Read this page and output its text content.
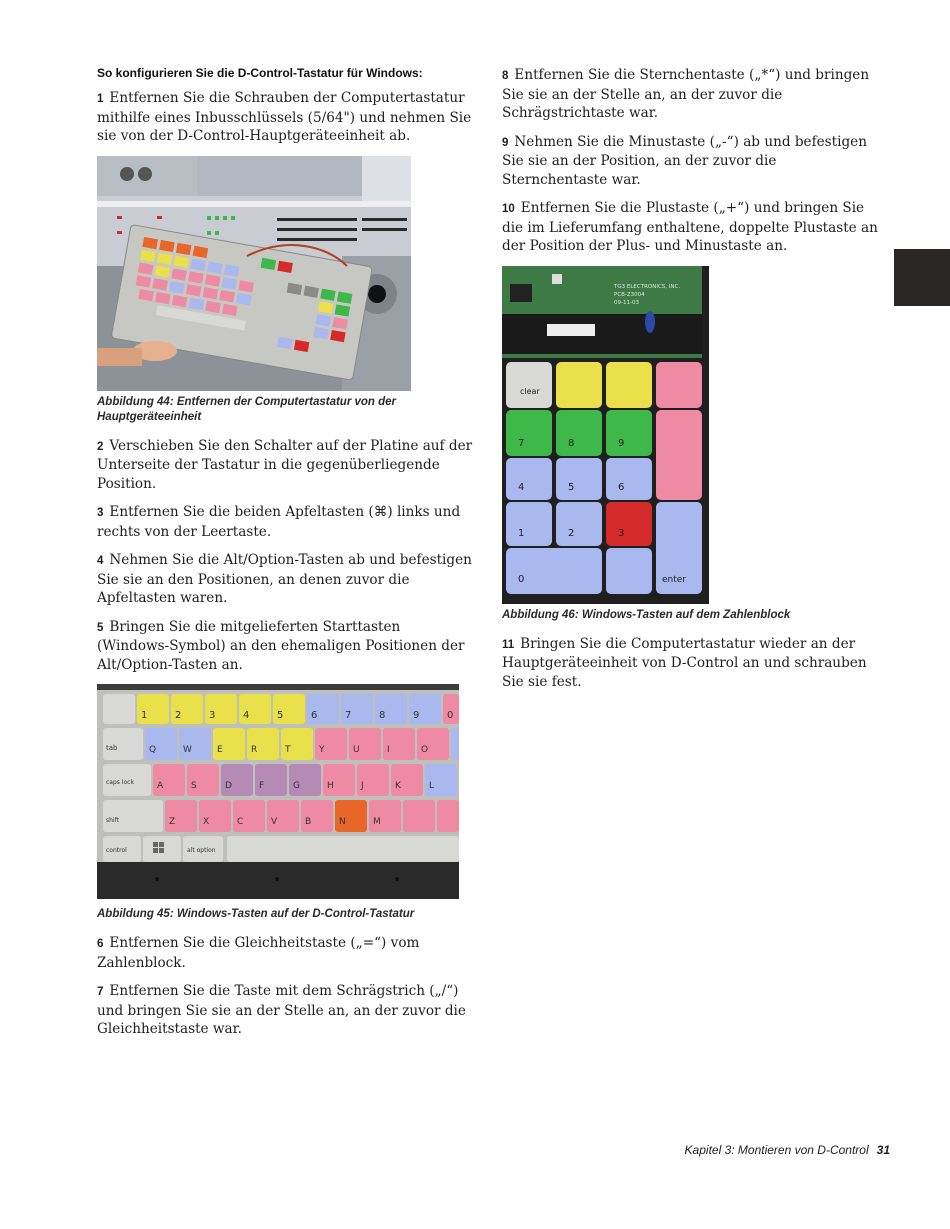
So konfigurieren Sie die D-Control-Tastatur für Windows:

1 Entfernen Sie die Schrauben der Computertastatur mithilfe eines Inbusschlüssels (5/64") und nehmen Sie sie von der D-Control-Hauptgeräteeinheit ab.

Abbildung 44: Entfernen der Computertastatur von der Hauptgeräteeinheit

2 Verschieben Sie den Schalter auf der Platine auf der Unterseite der Tastatur in die gegenüberliegende Position.

3 Entfernen Sie die beiden Apfeltasten (⌘) links und rechts von der Leertaste.

4 Nehmen Sie die Alt/Option-Tasten ab und befestigen Sie sie an den Positionen, an denen zuvor die Apfeltasten waren.

5 Bringen Sie die mitgelieferten Starttasten (Windows-Symbol) an den ehemaligen Positionen der Alt/Option-Tasten an.

1	2	3	4	5	6	7	8	9	0
tab	Q	W	E	R	T	Y	U	I	O
caps lock	A	S	D	F	G	H	J	K	L
shift	Z	X	C	V	B	N	M
control	alt option

Abbildung 45: Windows-Tasten auf der D-Control-Tastatur

6 Entfernen Sie die Gleichheitstaste („=“) vom Zahlenblock.

7 Entfernen Sie die Taste mit dem Schrägstrich („/“) und bringen Sie sie an der Stelle an, an der zuvor die Gleichheitstaste war.

8 Entfernen Sie die Sternchentaste („*“) und bringen Sie sie an der Stelle an, an der zuvor die Schrägstrichtaste war.

9 Nehmen Sie die Minustaste („-“) ab und befestigen Sie sie an der Position, an der zuvor die Sternchentaste war.

10 Entfernen Sie die Plustaste („+“) und bringen Sie die im Lieferumfang enthaltene, doppelte Plustaste an der Position der Plus- und Minustaste an.

TG3 ELECTRONICS, INC.
PCB-Z3004
09-11-03
clear
7	8	9
4	5	6
1	2	3
0	enter

Abbildung 46: Windows-Tasten auf dem Zahlenblock

11 Bringen Sie die Computertastatur wieder an der Hauptgeräteeinheit von D-Control an und schrauben Sie sie fest.

Kapitel 3: Montieren von D-Control 31
